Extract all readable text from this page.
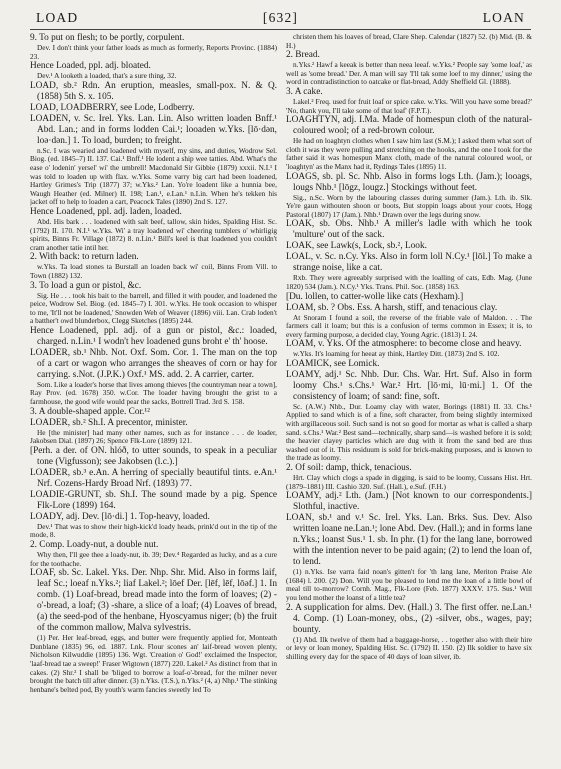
LOAD	[632]	LOAN

9. To put on flesh; to be portly, corpulent.

Dev. I don't think your father loads as much as formerly, Reports Provinc. (1884) 23.

Hence Loaded, ppl. adj. bloated.

Dev.¹ A looketh a loaded, that's a sure thing, 32.

LOAD, sb.² Rdn. An eruption, measles, small-pox. N. & Q. (1858) 5th S. x. 105.

LOAD, LOADBERRY, see Lode, Lodberry.

LOADEN, v. Sc. Irel. Yks. Lan. Lin. Also written loaden Bnff.¹ Abd. Lan.; and in forms lodden Cai.¹; looaden w.Yks. [lō·dən, loə·dən.] 1. To load, burden; to freight.

n.Sc. I was wearied and loadened with myself, my sins, and duties, Wodrow Sel. Biog. (ed. 1845–7) II. 137. Cai.¹ Bnff.¹ He lodent a ship wee tatties. Abd. What's the ease o' lodenin' yersel' wi' the umbrell! Macdonald Sir Gibbie (1879) xxxii. N.I.¹ I was told to loaden up with flax. w.Yks. Some varry big cart had been loadened, Hartley Grimes's Trip (1877) 37; w.Yks.² Lan. Yo're loadent like a hunnia bee, Waugh Heather (ed. Milner) II. 198; Lan.¹, e.Lan.¹ n.Lin. When he's tekken his jacket off to help to loaden a cart, Peacock Tales (1890) 2nd S. 127.

Hence Loadened, ppl. adj. laden, loaded.

Abd. His bark . . . loadened with salt beef, tallow, skin hides, Spalding Hist. Sc. (1792) II. 170. N.I.¹ w.Yks. Wi' a tray loadened wi' cheering tumblers o' whirligig spirits, Binns Fr. Village (1872) 8. n.Lin.¹ Bill's keel is that loadened you couldn't cram another tatie intil her.

2. With back: to return laden.

w.Yks. Ta load stones ta Burstall an loaden back wi' coil, Binns From Vill. to Town (1882) 132.

3. To load a gun or pistol, &c.

Sig. He . . . took his bait to the barrell, and filled it with pouder, and loadened the peice, Wodrow Sel. Biog. (ed. 1845–7) I. 301. w.Yks. He took occasion to whisper to me, 'It'll not be loadened,' Snowden Web of Weaver (1896) viii. Lan. Crab loden't a batther't owd blunderbox, Clegg Sketches (1895) 244.

Hence Loadened, ppl. adj. of a gun or pistol, &c.: loaded, charged. n.Lin.¹ I wodn't hev loadened guns broht e' th' hoose.

LOADER, sb.¹ Nhb. Not. Oxf. Som. Cor. 1. The man on the top of a cart or wagon who arranges the sheaves of corn or hay for carrying. s.Not. (J.P.K.) Oxf.¹ MS. add. 2. A carrier, carter.

Som. Like a loader's horse that lives among thieves [the countryman near a town], Ray Prov. (ed. 1678) 350. w.Cor. The loader having brought the grist to a farmhouse, the good wife would pear the sacks, Bottrell Trad. 3rd S. 158.

3. A double-shaped apple. Cor.¹²

LOADER, sb.² Sh.I. A precentor, minister.

He [the minister] had many other names, such as for instance . . . de loader, Jakobsen Dial. (1897) 26; Spence Flk-Lore (1899) 121.

[Perh. a der. of ON. hlóð, to utter sounds, to speak in a peculiar tone (Vigfusson); see Jakobsen (l.c.).]

LOADER, sb.³ e.An. A herring of specially beautiful tints. e.An.¹ Nrf. Cozens-Hardy Broad Nrf. (1893) 77.

LOADIE-GRUNT, sb. Sh.I. The sound made by a pig. Spence Flk-Lore (1899) 164.

LOADY, adj. Dev. [lō·di.] 1. Top-heavy, loaded.

Dev.¹ That was to show their high-kick'd loady heads, prink'd out in the tip of the mode, 8.

2. Comp. Loady-nut, a double nut.

Why then, I'll gee thee a loady-nut, ib. 39; Dev.⁴ Regarded as lucky, and as a cure for the toothache.

LOAF, sb. Sc. Lakel. Yks. Der. Nhp. Shr. Mid. Also in forms laif, leaf Sc.; loeaf n.Yks.²; liaf Lakel.²; lōef Der. [lēf, lēf, lōəf.] 1. In comb. (1) Loaf-bread, bread made into the form of loaves; (2) -o'-bread, a loaf; (3) -share, a slice of a loaf; (4) Loaves of bread, (a) the seed-pod of the henbane, Hyoscyamus niger; (b) the fruit of the common mallow, Malva sylvestris.

(1) Per. Her leaf-bread, eggs, and butter were frequently applied for, Monteath Dunblane (1835) 96, ed. 1887. Lnk. Flour scones an' laif-bread woven plenty, Nicholson Kilwuddie (1895) 136. Wgt. 'Creation o' God!' exclaimed the Inspector, 'laaf-bread tae a sweep!' Fraser Wigtown (1877) 220. Lakel.² As distinct from that in cakes. (2) Shr.² I shall be 'bliged to borrow a loaf-o'-bread, for the milner never brought the batch till after dinner. (3) n.Yks. (T.S.), n.Yks.² (4, a) Nhp.¹ The stinking henbane's belted pod, By youth's warm fancies sweetly led To

christen them his loaves of bread, Clare Shep. Calendar (1827) 52. (b) Mid. (B. & H.)

2. Bread.

n.Yks.² Hawf a keeak is better than neea leeaf. w.Yks.² People say 'some loaf,' as well as 'some bread.' Der. A man will say 'I'll tak some loef to my dinner,' using the word in contradistinction to oatcake or flat-bread, Addy Sheffield Gl. (1888).

3. A cake.

Lakel.² Freq. used for fruit loaf or spice cake. w.Yks. 'Will you have some bread?' 'No, thank you, I'll take some of that loaf' (F.P.T.).

LOAGHTYN, adj. I.Ma. Made of homespun cloth of the natural-coloured wool; of a red-brown colour.

He had on loaghtyn clothes when I saw him last (S.M.); I asked them what sort of cloth it was they were pulling and stretching on the hooks, and the one I took for the father said it was homespun Manx cloth, made of the natural coloured wool, or 'loaghtyn' as the Manx had it, Rydings Tales (1895) 11.

LOAGS, sb. pl. Sc. Nhb. Also in forms logs Lth. (Jam.); looags, lougs Nhb.¹ [lōgz, lougz.] Stockings without feet.

Sig., n.Sc. Worn by the labouring classes during summer (Jam.). Lth. ib. Slk. Ye're gaun withouten shoon or boots, But stoppin loags about your coots, Hogg Pastoral (1807) 17 (Jam.). Nhb.¹ Drawn over the legs during snow.

LOAK, sb. Obs. Nhb.¹ A miller's ladle with which he took 'multure' out of the sack.

LOAK, see Lawk(s, Lock, sb.², Look.

LOAL, v. Sc. n.Cy. Yks. Also in form loll N.Cy.¹ [lōl.] To make a strange noise, like a cat.

Rxb. They were agreeably surprised with the loalling of cats, Edb. Mag. (June 1820) 534 (Jam.). N.Cy.¹ Yks. Trans. Phil. Soc. (1858) 163.

[Du. lollen, to catter-wolle like cats (Hexham).]

LOAM, sb. ? Obs. Ess. A harsh, stiff, and tenacious clay.

At Snoram I found a soil, the reverse of the friable vale of Maldon. . . The farmers call it loam; but this is a confusion of terms common in Essex; it is, to every farming purpose, a decided clay, Young Agric. (1813) I. 24.

LOAM, v. Yks. Of the atmosphere: to become close and heavy.

w.Yks. It's loaming for heeat ay think, Hartley Ditt. (1873) 2nd S. 102.

LOAMICK, see Lomick.

LOAMY, adj.¹ Sc. Nhb. Dur. Chs. War. Hrt. Suf. Also in form loomy Chs.¹ s.Chs.¹ War.² Hrt. [lō·mi, lū·mi.] 1. Of the consistency of loam; of sand: fine, soft.

Sc. (A.W.) Nhb., Dur. Loamy clay with water, Borings (1881) II. 33. Chs.¹ Applied to sand which is of a fine, soft character, from being slightly intermixed with argillaceous soil. Such sand is not so good for mortar as what is called a sharp sand. s.Chs.¹ War.² Best sand—technically, sharp sand—is washed before it is sold; the heavier clayey particles which are dug with it from the sand bed are thus washed out of it. This residuum is sold for brick-making purposes, and is known to the trade as loomy.

2. Of soil: damp, thick, tenacious.

Hrt. Clay which clogs a spade in digging, is said to be loomy, Cussans Hist. Hrt. (1879–1881) III. Cashio 320. Suf. (Hall.), e.Suf. (F.H.)

LOAMY, adj.² Lth. (Jam.) [Not known to our correspondents.] Slothful, inactive.

LOAN, sb.¹ and v.¹ Sc. Irel. Yks. Lan. Brks. Sus. Dev. Also written loane ne.Lan.¹; lone Abd. Dev. (Hall.); and in forms lane n.Yks.; loanst Sus.¹ 1. sb. In phr. (1) for the lang lane, borrowed with the intention never to be paid again; (2) to lend the loan of, to lend.

(1) n.Yks. Ise varra faid noan's gitten't for 'th lang lane, Meriton Praise Ale (1684) l. 200. (2) Don. Will you be pleased to lend me the loan of a little bowl of meal till to-morrow? Cornh. Mag., Flk-Lore (Feb. 1877) XXXV. 175. Sus.¹ Will you lend mother the loanst of a little tea?

2. A supplication for alms. Dev. (Hall.) 3. The first offer. ne.Lan.¹ 4. Comp. (1) Loan-money, obs., (2) -silver, obs., wages, pay; bounty.

(1) Abd. Ilk twelve of them had a baggage-horse, . . together also with their hire or levy or loan money, Spalding Hist. Sc. (1792) II. 150. (2) Ilk soldier to have six shilling every day for the space of 40 days of loan silver, ib.
